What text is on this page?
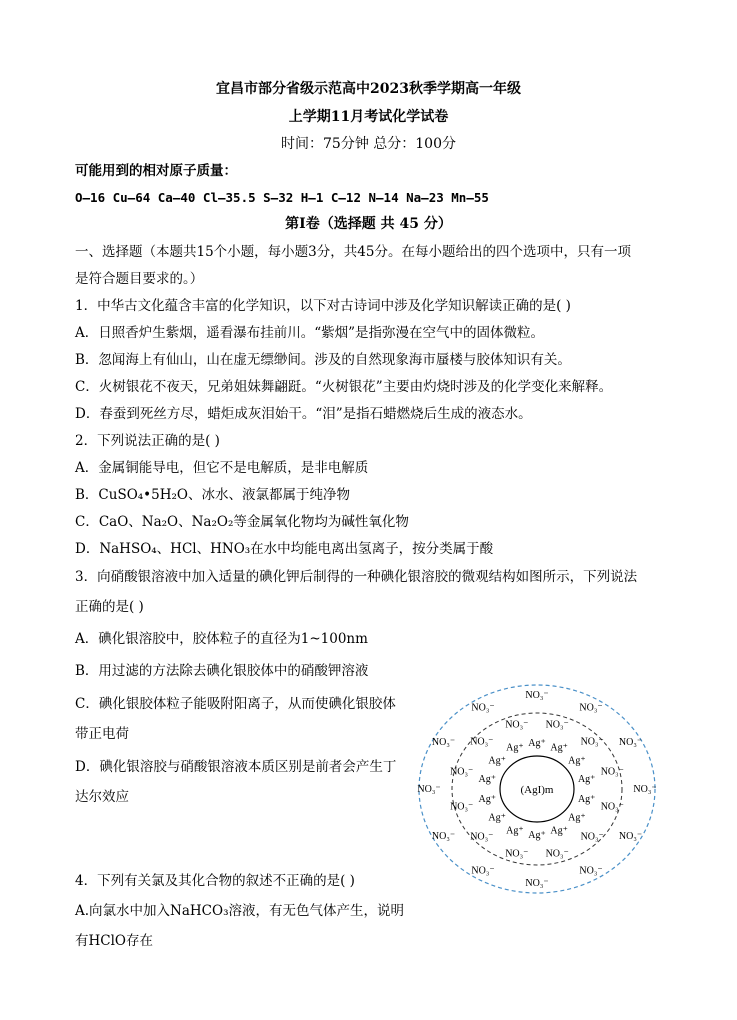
宜昌市部分省级示范高中2023秋季学期高一年级
上学期11月考试化学试卷
时间：75分钟 总分：100分
可能用到的相对原子质量：
O—16 Cu—64 Ca—40 Cl—35.5 S—32 H—1 C—12 N—14 Na—23 Mn—55
第Ⅰ卷（选择题 共 45 分）
一、选择题（本题共15个小题，每小题3分，共45分。在每小题给出的四个选项中，只有一项
是符合题目要求的。）
1．中华古文化蕴含丰富的化学知识，以下对古诗词中涉及化学知识解读正确的是( )
A．日照香炉生紫烟，遥看瀑布挂前川。“紫烟”是指弥漫在空气中的固体微粒。
B．忽闻海上有仙山，山在虚无缥缈间。涉及的自然现象海市蜃楼与胶体知识有关。
C．火树银花不夜天，兄弟姐妹舞翩跹。“火树银花”主要由灼烧时涉及的化学变化来解释。
D．春蚕到死丝方尽，蜡炬成灰泪始干。“泪”是指石蜡燃烧后生成的液态水。
2．下列说法正确的是( )
A．金属铜能导电，但它不是电解质，是非电解质
B．CuSO₄•5H₂O、冰水、液氯都属于纯净物
C．CaO、Na₂O、Na₂O₂等金属氧化物均为碱性氧化物
D．NaHSO₄、HCl、HNO₃在水中均能电离出氢离子，按分类属于酸
3．向硝酸银溶液中加入适量的碘化钾后制得的一种碘化银溶胶的微观结构如图所示，下列说法
正确的是( )
A．碘化银溶胶中，胶体粒子的直径为1~100nm
B．用过滤的方法除去碘化银胶体中的硝酸钾溶液
C．碘化银胶体粒子能吸附阳离子，从而使碘化银胶体
带正电荷
D．碘化银溶胶与硝酸银溶液本质区别是前者会产生丁
达尔效应	(AgI)m
Ag⁺ Ag⁺
Ag⁺
Ag⁺
Ag⁺
Ag⁺
Ag⁺
Ag⁺
Ag⁺
Ag⁺
Ag⁺
Ag⁺
Ag⁺
Ag⁺
NO₃⁻
NO₃⁻
NO₃⁻
NO₃⁻
NO₃⁻
NO₃⁻
NO₃⁻
NO₃⁻
NO₃⁻
NO₃⁻
NO₃⁻
NO₃⁻
NO₃⁻
NO₃⁻
NO₃⁻
NO₃⁻
NO₃⁻
NO₃⁻
NO₃⁻
NO₃⁻
NO₃⁻
NO₃⁻
NO₃⁻
NO₃⁻
4．下列有关氯及其化合物的叙述不正确的是( )
A.向氯水中加入NaHCO₃溶液，有无色气体产生，说明
有HClO存在
